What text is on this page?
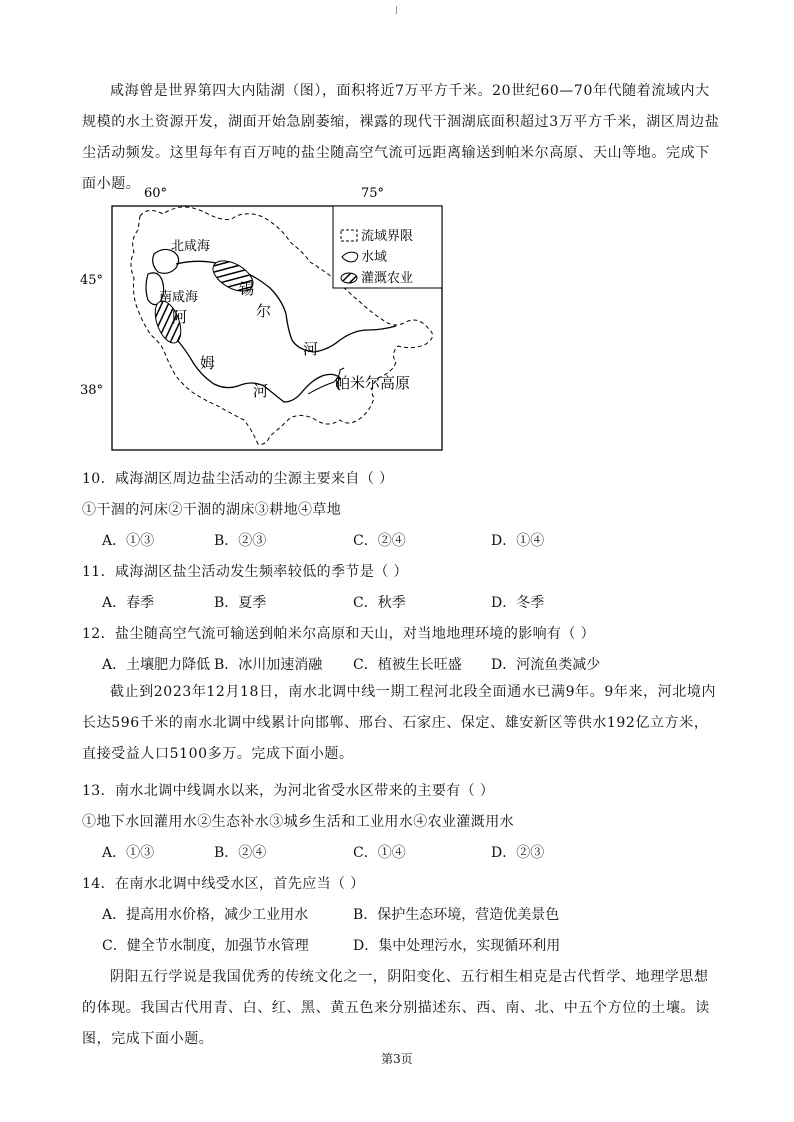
咸海曾是世界第四大内陆湖（图），面积将近7万平方千米。20世纪60—70年代随着流域内大规模的水土资源开发，湖面开始急剧萎缩，裸露的现代干涸湖底面积超过3万平方千米，湖区周边盐尘活动频发。这里每年有百万吨的盐尘随高空气流可远距离输送到帕米尔高原、天山等地。完成下面小题。
60°	75°
45°
38°
北咸海
南咸海	锡
尔
河
阿
姆
河	帕米尔高原
流域界限
水域
灌溉农业
10．咸海湖区周边盐尘活动的尘源主要来自（ ）
①干涸的河床②干涸的湖床③耕地④草地
A．①③	B．②③	C．②④	D．①④
11．咸海湖区盐尘活动发生频率较低的季节是（ ）
A．春季	B．夏季	C．秋季	D．冬季
12．盐尘随高空气流可输送到帕米尔高原和天山，对当地地理环境的影响有（ ）
A．土壤肥力降低 B．冰川加速消融 C．植被生长旺盛 D．河流鱼类减少
截止到2023年12月18日，南水北调中线一期工程河北段全面通水已满9年。9年来，河北境内长达596千米的南水北调中线累计向邯郸、邢台、石家庄、保定、雄安新区等供水192亿立方米，直接受益人口5100多万。完成下面小题。
13．南水北调中线调水以来，为河北省受水区带来的主要有（ ）
①地下水回灌用水②生态补水③城乡生活和工业用水④农业灌溉用水
A．①③	B．②④	C．①④	D．②③
14．在南水北调中线受水区，首先应当（ ）
A．提高用水价格，减少工业用水	B．保护生态环境，营造优美景色
C．健全节水制度，加强节水管理	D．集中处理污水，实现循环利用
阴阳五行学说是我国优秀的传统文化之一，阴阳变化、五行相生相克是古代哲学、地理学思想的体现。我国古代用青、白、红、黑、黄五色来分别描述东、西、南、北、中五个方位的土壤。读图，完成下面小题。
第3页
